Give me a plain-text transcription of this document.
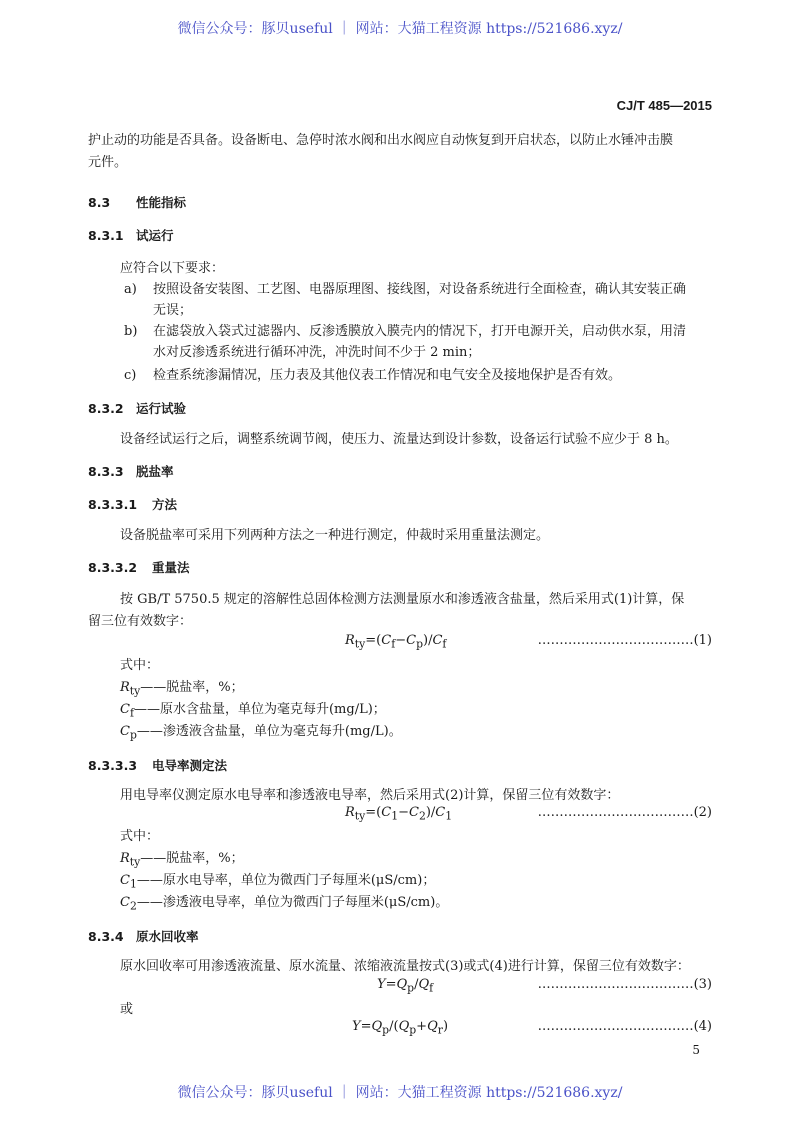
微信公众号：豚贝useful ｜ 网站：大猫工程资源 https://521686.xyz/
CJ/T 485—2015
护止动的功能是否具备。设备断电、急停时浓水阀和出水阀应自动恢复到开启状态，以防止水锤冲击膜
元件。
8.3 性能指标
8.3.1 试运行
应符合以下要求：
a) 按照设备安装图、工艺图、电器原理图、接线图，对设备系统进行全面检查，确认其安装正确
无误；
b) 在滤袋放入袋式过滤器内、反渗透膜放入膜壳内的情况下，打开电源开关，启动供水泵，用清
水对反渗透系统进行循环冲洗，冲洗时间不少于 2 min；
c) 检查系统渗漏情况，压力表及其他仪表工作情况和电气安全及接地保护是否有效。
8.3.2 运行试验
设备经试运行之后，调整系统调节阀，使压力、流量达到设计参数，设备运行试验不应少于 8 h。
8.3.3 脱盐率
8.3.3.1 方法
设备脱盐率可采用下列两种方法之一种进行测定，仲裁时采用重量法测定。
8.3.3.2 重量法
按 GB/T 5750.5 规定的溶解性总固体检测方法测量原水和渗透液含盐量，然后采用式(1)计算，保
留三位有效数字：
$R_{ty}=(C_f-C_p)/C_f$	………………………………(1)
式中：
$R_{ty}——$脱盐率，%；
$C_f——$原水含盐量，单位为毫克每升(mg/L)；
$C_p——$渗透液含盐量，单位为毫克每升(mg/L)。
8.3.3.3 电导率测定法
用电导率仪测定原水电导率和渗透液电导率，然后采用式(2)计算，保留三位有效数字：
$R_{ty}=(C_1-C_2)/C_1$	………………………………(2)
式中：
$R_{ty}——$脱盐率，%；
$C_1——$原水电导率，单位为微西门子每厘米(μS/cm)；
$C_2——$渗透液电导率，单位为微西门子每厘米(μS/cm)。
8.3.4 原水回收率
原水回收率可用渗透液流量、原水流量、浓缩液流量按式(3)或式(4)进行计算，保留三位有效数字：
$Y=Q_p/Q_f$	………………………………(3)
或
$Y=Q_p/(Q_p+Q_r)$	………………………………(4)
5
微信公众号：豚贝useful ｜ 网站：大猫工程资源 https://521686.xyz/
